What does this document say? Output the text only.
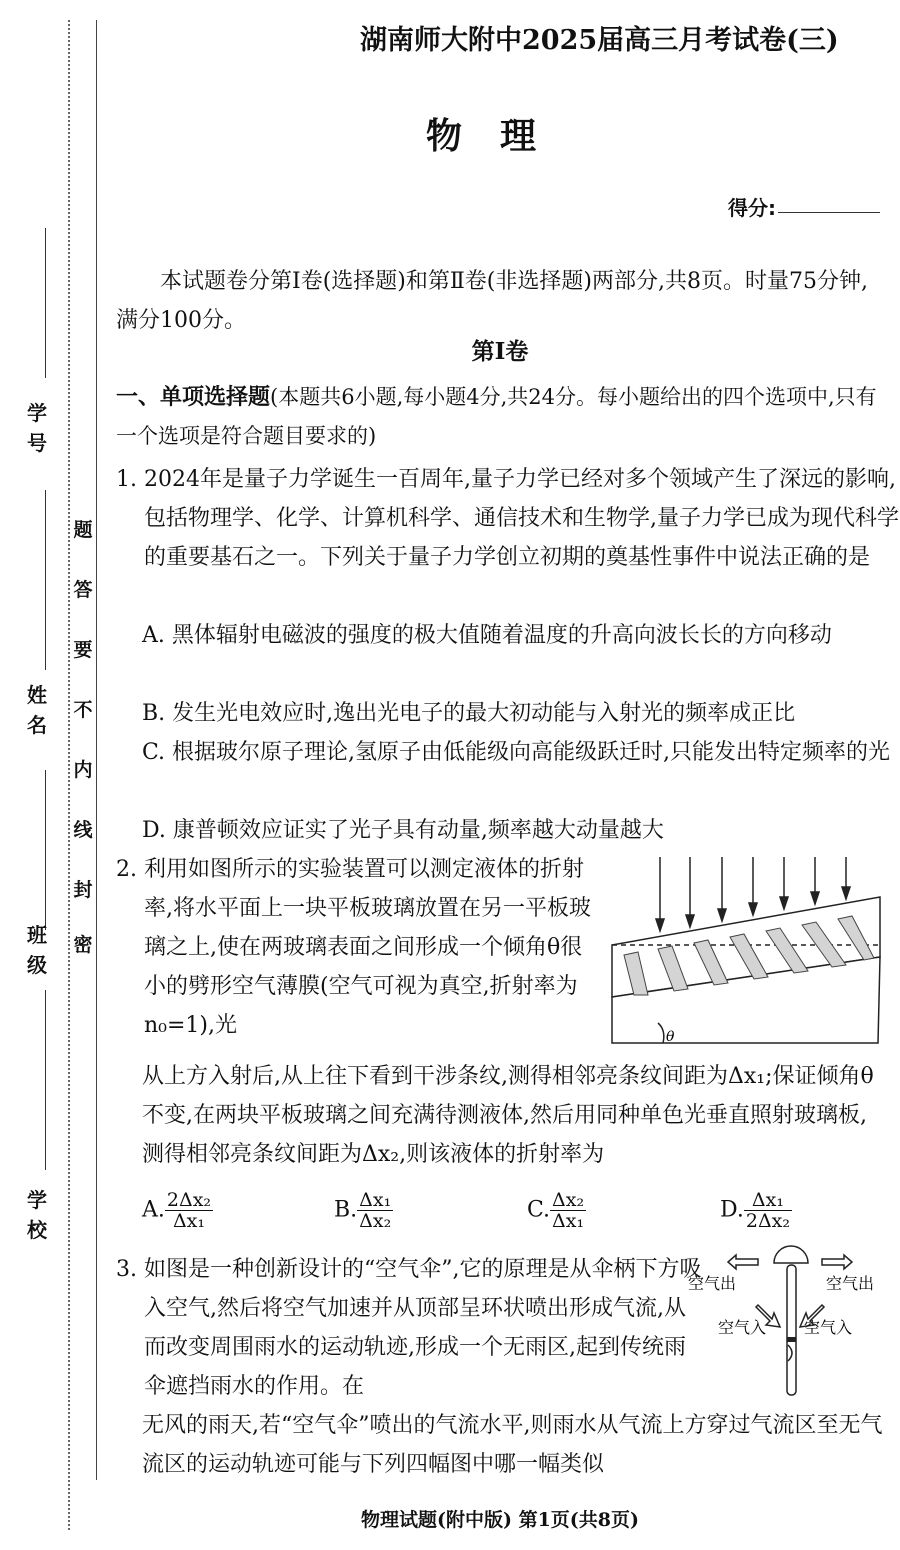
学号
姓名
班级
学校
密
封
线
内
不
要
答
题
湖南师大附中2025届高三月考试卷(三)
物理
得分:
本试题卷分第Ⅰ卷(选择题)和第Ⅱ卷(非选择题)两部分,共8页。时量75分钟,满分100分。
第Ⅰ卷
一、单项选择题(本题共6小题,每小题4分,共24分。每小题给出的四个选项中,只有一个选项是符合题目要求的)
1. 2024年是量子力学诞生一百周年,量子力学已经对多个领域产生了深远的影响,包括物理学、化学、计算机科学、通信技术和生物学,量子力学已成为现代科学的重要基石之一。下列关于量子力学创立初期的奠基性事件中说法正确的是
A. 黑体辐射电磁波的强度的极大值随着温度的升高向波长长的方向移动
B. 发生光电效应时,逸出光电子的最大初动能与入射光的频率成正比
C. 根据玻尔原子理论,氢原子由低能级向高能级跃迁时,只能发出特定频率的光
D. 康普顿效应证实了光子具有动量,频率越大动量越大
2. 利用如图所示的实验装置可以测定液体的折射率,将水平面上一块平板玻璃放置在另一平板玻璃之上,使在两玻璃表面之间形成一个倾角θ很小的劈形空气薄膜(空气可视为真空,折射率为n₀=1),光
从上方入射后,从上往下看到干涉条纹,测得相邻亮条纹间距为Δx₁;保证倾角θ不变,在两块平板玻璃之间充满待测液体,然后用同种单色光垂直照射玻璃板,测得相邻亮条纹间距为Δx₂,则该液体的折射率为
θ
A. $\frac{\text{2Δx₂}}{\text{Δx₁}}$	B. $\frac{\text{Δx₁}}{\text{Δx₂}}$	C. $\frac{\text{Δx₂}}{\text{Δx₁}}$	D. $\frac{\text{Δx₁}}{\text{2Δx₂}}$
3. 如图是一种创新设计的“空气伞”,它的原理是从伞柄下方吸入空气,然后将空气加速并从顶部呈环状喷出形成气流,从而改变周围雨水的运动轨迹,形成一个无雨区,起到传统雨伞遮挡雨水的作用。在
无风的雨天,若“空气伞”喷出的气流水平,则雨水从气流上方穿过气流区至无气流区的运动轨迹可能与下列四幅图中哪一幅类似
空气出	空气出
空气入 空气入
物理试题(附中版) 第1页(共8页)
